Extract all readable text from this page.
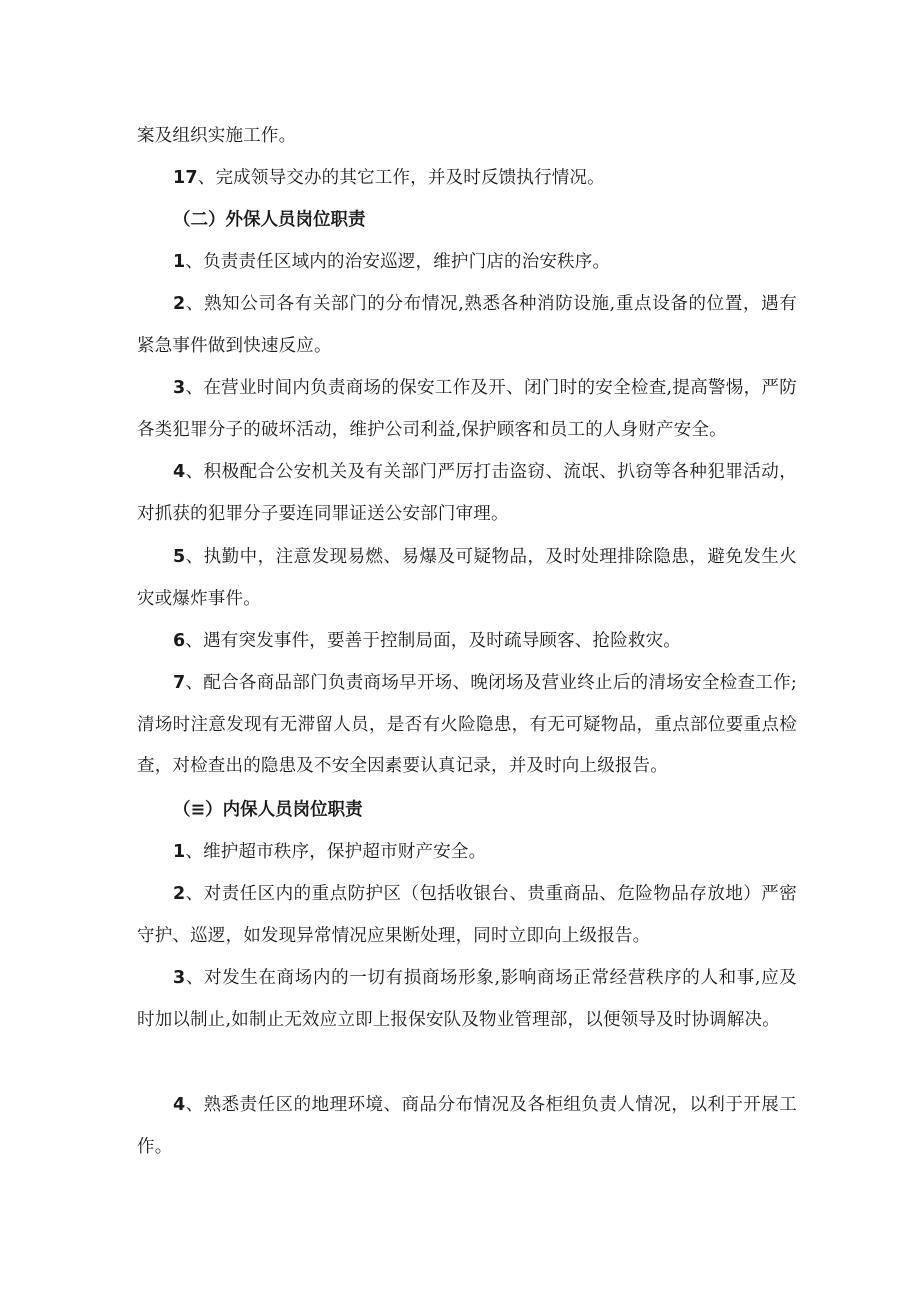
案及组织实施工作。

17、完成领导交办的其它工作，并及时反馈执行情况。

（二）外保人员岗位职责

1、负责责任区域内的治安巡逻，维护门店的治安秩序。

2、熟知公司各有关部门的分布情况,熟悉各种消防设施,重点设备的位置，遇有紧急事件做到快速反应。

3、在营业时间内负责商场的保安工作及开、闭门时的安全检查,提高警惕，严防各类犯罪分子的破坏活动，维护公司利益,保护顾客和员工的人身财产安全。

4、积极配合公安机关及有关部门严厉打击盗窃、流氓、扒窃等各种犯罪活动，对抓获的犯罪分子要连同罪证送公安部门审理。

5、执勤中，注意发现易燃、易爆及可疑物品，及时处理排除隐患，避免发生火灾或爆炸事件。

6、遇有突发事件，要善于控制局面，及时疏导顾客、抢险救灾。

7、配合各商品部门负责商场早开场、晚闭场及营业终止后的清场安全检查工作;清场时注意发现有无滞留人员，是否有火险隐患，有无可疑物品，重点部位要重点检查，对检查出的隐患及不安全因素要认真记录，并及时向上级报告。

（≡）内保人员岗位职责

1、维护超市秩序，保护超市财产安全。

2、对责任区内的重点防护区（包括收银台、贵重商品、危险物品存放地）严密守护、巡逻，如发现异常情况应果断处理，同时立即向上级报告。

3、对发生在商场内的一切有损商场形象,影响商场正常经营秩序的人和事,应及时加以制止,如制止无效应立即上报保安队及物业管理部，以便领导及时协调解决。

4、熟悉责任区的地理环境、商品分布情况及各柜组负责人情况，以利于开展工作。
